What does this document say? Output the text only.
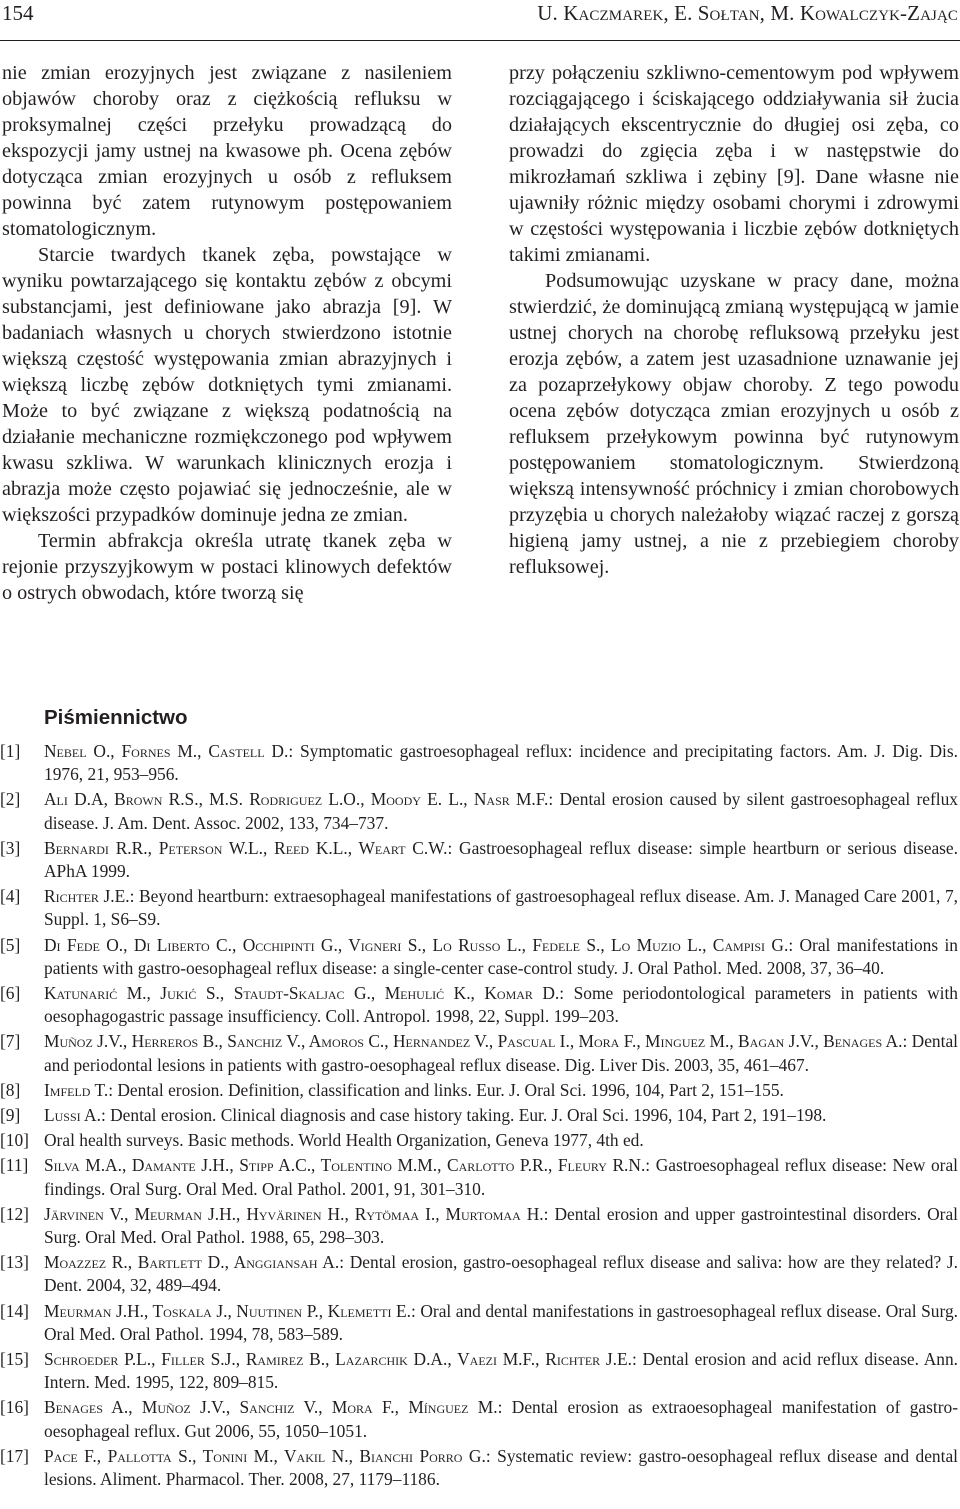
154	U. Kaczmarek, E. Sołtan, M. Kowalczyk-Zając

nie zmian erozyjnych jest związane z nasileniem objawów choroby oraz z ciężkością refluksu w proksymalnej części przełyku prowadzącą do ekspozycji jamy ustnej na kwasowe ph. Ocena zębów dotycząca zmian erozyjnych u osób z refluksem powinna być zatem rutynowym postępowaniem stomatologicznym.

Starcie twardych tkanek zęba, powstające w wyniku powtarzającego się kontaktu zębów z obcymi substancjami, jest definiowane jako abrazja [9]. W badaniach własnych u chorych stwierdzono istotnie większą częstość występowania zmian abrazyjnych i większą liczbę zębów dotkniętych tymi zmianami. Może to być związane z większą podatnością na działanie mechaniczne rozmiękczonego pod wpływem kwasu szkliwa. W warunkach klinicznych erozja i abrazja może często pojawiać się jednocześnie, ale w większości przypadków dominuje jedna ze zmian.

Termin abfrakcja określa utratę tkanek zęba w rejonie przyszyjkowym w postaci klinowych defektów o ostrych obwodach, które tworzą się

przy połączeniu szkliwno-cementowym pod wpływem rozciągającego i ściskającego oddziaływania sił żucia działających ekscentrycznie do długiej osi zęba, co prowadzi do zgięcia zęba i w następstwie do mikrozłamań szkliwa i zębiny [9]. Dane własne nie ujawniły różnic między osobami chorymi i zdrowymi w częstości występowania i liczbie zębów dotkniętych takimi zmianami.

Podsumowując uzyskane w pracy dane, można stwierdzić, że dominującą zmianą występującą w jamie ustnej chorych na chorobę refluksową przełyku jest erozja zębów, a zatem jest uzasadnione uznawanie jej za pozaprzełykowy objaw choroby. Z tego powodu ocena zębów dotycząca zmian erozyjnych u osób z refluksem przełykowym powinna być rutynowym postępowaniem stomatologicznym. Stwierdzoną większą intensywność próchnicy i zmian chorobowych przyzębia u chorych należałoby wiązać raczej z gorszą higieną jamy ustnej, a nie z przebiegiem choroby refluksowej.

Piśmiennictwo
[1] Nebel O., Fornes M., Castell D.: Symptomatic gastroesophageal reflux: incidence and precipitating factors. Am. J. Dig. Dis. 1976, 21, 953–956.
[2] Ali D.A, Brown R.S., M.S. Rodriguez L.O., Moody E. L., Nasr M.F.: Dental erosion caused by silent gastroesophageal reflux disease. J. Am. Dent. Assoc. 2002, 133, 734–737.
[3] Bernardi R.R., Peterson W.L., Reed K.L., Weart C.W.: Gastroesophageal reflux disease: simple heartburn or serious disease. APhA 1999.
[4] Richter J.E.: Beyond heartburn: extraesophageal manifestations of gastroesophageal reflux disease. Am. J. Managed Care 2001, 7, Suppl. 1, S6–S9.
[5] Di Fede O., Di Liberto C., Occhipinti G., Vigneri S., Lo Russo L., Fedele S., Lo Muzio L., Campisi G.: Oral manifestations in patients with gastro-oesophageal reflux disease: a single-center case-control study. J. Oral Pathol. Med. 2008, 37, 36–40.
[6] Katunarić M., Jukić S., Staudt-Skaljac G., Mehulić K., Komar D.: Some periodontological parameters in patients with oesophagogastric passage insufficiency. Coll. Antropol. 1998, 22, Suppl. 199–203.
[7] Muñoz J.V., Herreros B., Sanchiz V., Amoros C., Hernandez V., Pascual I., Mora F., Minguez M., Bagan J.V., Benages A.: Dental and periodontal lesions in patients with gastro-oesophageal reflux disease. Dig. Liver Dis. 2003, 35, 461–467.
[8] Imfeld T.: Dental erosion. Definition, classification and links. Eur. J. Oral Sci. 1996, 104, Part 2, 151–155.
[9] Lussi A.: Dental erosion. Clinical diagnosis and case history taking. Eur. J. Oral Sci. 1996, 104, Part 2, 191–198.
[10] Oral health surveys. Basic methods. World Health Organization, Geneva 1977, 4th ed.
[11] Silva M.A., Damante J.H., Stipp A.C., Tolentino M.M., Carlotto P.R., Fleury R.N.: Gastroesophageal reflux disease: New oral findings. Oral Surg. Oral Med. Oral Pathol. 2001, 91, 301–310.
[12] Järvinen V., Meurman J.H., Hyvärinen H., Rytömaa I., Murtomaa H.: Dental erosion and upper gastrointestinal disorders. Oral Surg. Oral Med. Oral Pathol. 1988, 65, 298–303.
[13] Moazzez R., Bartlett D., Anggiansah A.: Dental erosion, gastro-oesophageal reflux disease and saliva: how are they related? J. Dent. 2004, 32, 489–494.
[14] Meurman J.H., Toskala J., Nuutinen P., Klemetti E.: Oral and dental manifestations in gastroesophageal reflux disease. Oral Surg. Oral Med. Oral Pathol. 1994, 78, 583–589.
[15] Schroeder P.L., Filler S.J., Ramirez B., Lazarchik D.A., Vaezi M.F., Richter J.E.: Dental erosion and acid reflux disease. Ann. Intern. Med. 1995, 122, 809–815.
[16] Benages A., Muñoz J.V., Sanchiz V., Mora F., Mínguez M.: Dental erosion as extraoesophageal manifestation of gastro-oesophageal reflux. Gut 2006, 55, 1050–1051.
[17] Pace F., Pallotta S., Tonini M., Vakil N., Bianchi Porro G.: Systematic review: gastro-oesophageal reflux disease and dental lesions. Aliment. Pharmacol. Ther. 2008, 27, 1179–1186.
